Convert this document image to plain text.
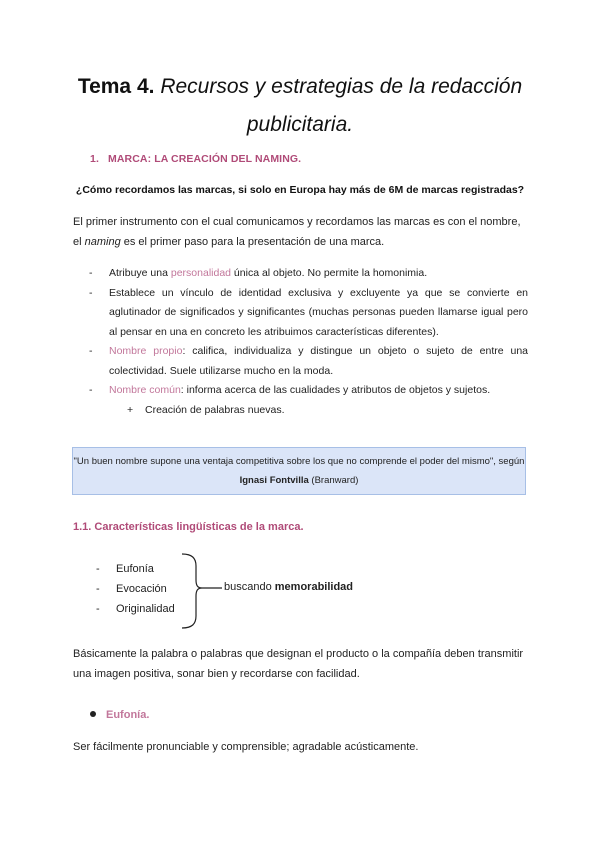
Tema 4. Recursos y estrategias de la redacción publicitaria.
1. MARCA: LA CREACIÓN DEL NAMING.
¿Cómo recordamos las marcas, si solo en Europa hay más de 6M de marcas registradas?

El primer instrumento con el cual comunicamos y recordamos las marcas es con el nombre, el naming es el primer paso para la presentación de una marca.

- Atribuye una personalidad única al objeto. No permite la homonimia.
- Establece un vínculo de identidad exclusiva y excluyente ya que se convierte en aglutinador de significados y significantes (muchas personas pueden llamarse igual pero al pensar en una en concreto les atribuimos características diferentes).
- Nombre propio: califica, individualiza y distingue un objeto o sujeto de entre una colectividad. Suele utilizarse mucho en la moda.
- Nombre común: informa acerca de las cualidades y atributos de objetos y sujetos.
+ Creación de palabras nuevas.
"Un buen nombre supone una ventaja competitiva sobre los que no comprende el poder del mismo", según Ignasi Fontvilla (Branward)
1.1. Características lingüísticas de la marca.
- Eufonía
- Evocación
- Originalidad
buscando memorabilidad

Básicamente la palabra o palabras que designan el producto o la compañía deben transmitir una imagen positiva, sonar bien y recordarse con facilidad.

Eufonía.

Ser fácilmente pronunciable y comprensible; agradable acústicamente.
